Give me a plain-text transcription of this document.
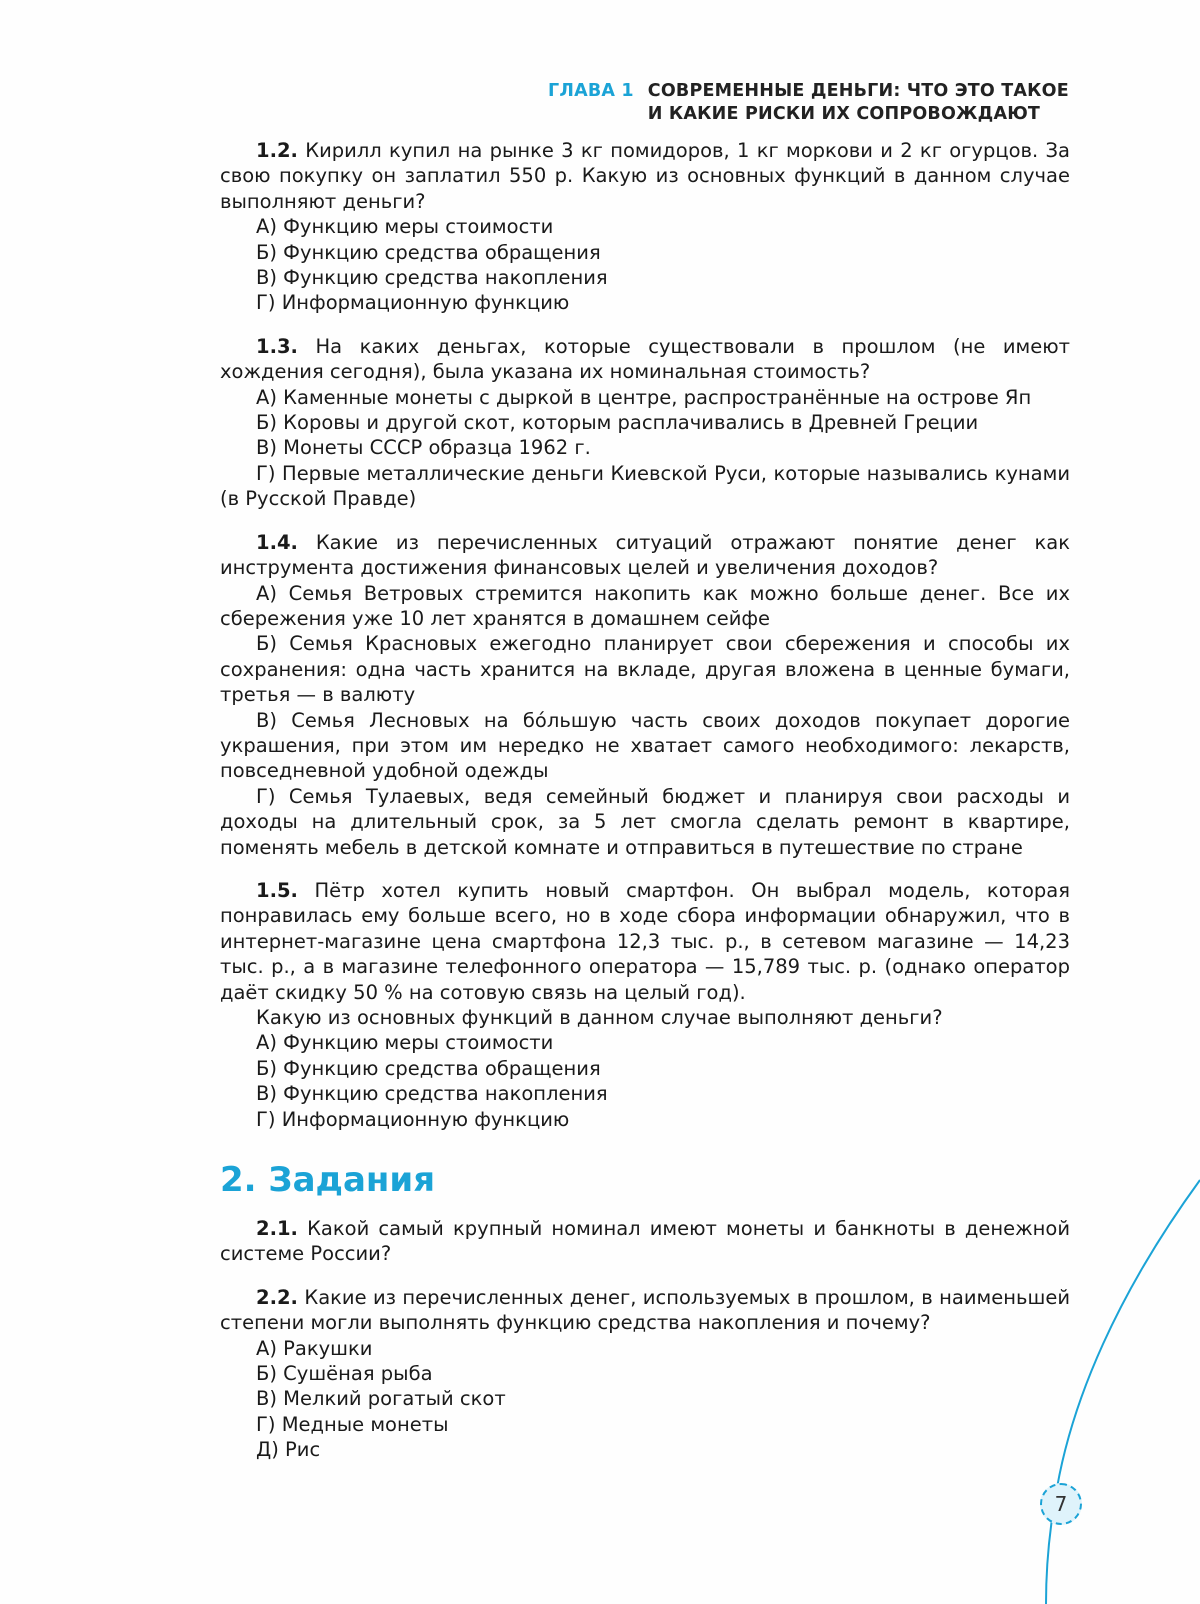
ГЛАВА 1 СОВРЕМЕННЫЕ ДЕНЬГИ: ЧТО ЭТО ТАКОЕ
И КАКИЕ РИСКИ ИХ СОПРОВОЖДАЮТ

1.2. Кирилл купил на рынке 3 кг помидоров, 1 кг моркови и 2 кг огурцов. За свою покупку он заплатил 550 р. Какую из основных функций в данном случае выполняют деньги?

А) Функцию меры стоимости

Б) Функцию средства обращения

В) Функцию средства накопления

Г) Информационную функцию

1.3. На каких деньгах, которые существовали в прошлом (не имеют хождения сегодня), была указана их номинальная стоимость?

А) Каменные монеты с дыркой в центре, распространённые на острове Яп

Б) Коровы и другой скот, которым расплачивались в Древней Греции

В) Монеты СССР образца 1962 г.

Г) Первые металлические деньги Киевской Руси, которые назывались кунами (в Русской Правде)

1.4. Какие из перечисленных ситуаций отражают понятие денег как инструмента достижения финансовых целей и увеличения доходов?

А) Семья Ветровых стремится накопить как можно больше денег. Все их сбережения уже 10 лет хранятся в домашнем сейфе

Б) Семья Красновых ежегодно планирует свои сбережения и способы их сохранения: одна часть хранится на вкладе, другая вложена в ценные бумаги, третья — в валюту

В) Семья Лесновых на бóльшую часть своих доходов покупает дорогие украшения, при этом им нередко не хватает самого необходимого: лекарств, повседневной удобной одежды

Г) Семья Тулаевых, ведя семейный бюджет и планируя свои расходы и доходы на длительный срок, за 5 лет смогла сделать ремонт в квартире, поменять мебель в детской комнате и отправиться в путешествие по стране

1.5. Пётр хотел купить новый смартфон. Он выбрал модель, которая понравилась ему больше всего, но в ходе сбора информации обнаружил, что в интернет-магазине цена смартфона 12,3 тыс. р., в сетевом магазине — 14,23 тыс. р., а в магазине телефонного оператора — 15,789 тыс. р. (однако оператор даёт скидку 50 % на сотовую связь на целый год).

Какую из основных функций в данном случае выполняют деньги?

А) Функцию меры стоимости

Б) Функцию средства обращения

В) Функцию средства накопления

Г) Информационную функцию

2. Задания

2.1. Какой самый крупный номинал имеют монеты и банкноты в денежной системе России?

2.2. Какие из перечисленных денег, используемых в прошлом, в наименьшей степени могли выполнять функцию средства накопления и почему?

А) Ракушки

Б) Сушёная рыба

В) Мелкий рогатый скот

Г) Медные монеты

Д) Рис

7
